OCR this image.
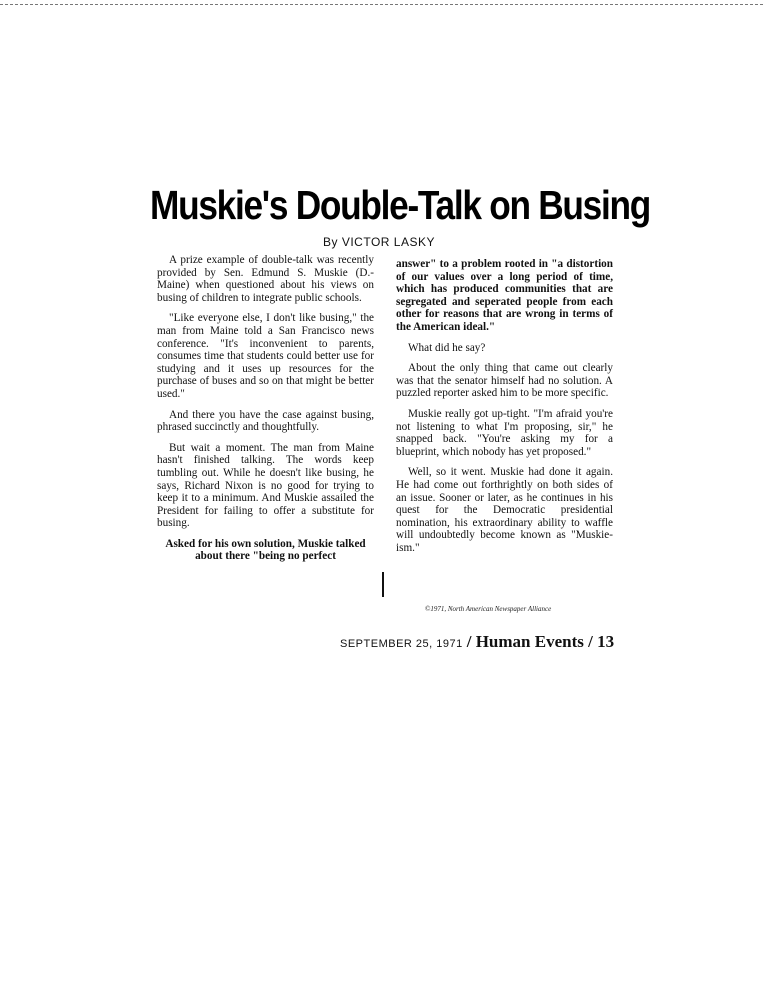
Muskie's Double-Talk on Busing
By VICTOR LASKY

A prize example of double-talk was recently provided by Sen. Edmund S. Muskie (D.-Maine) when questioned about his views on busing of children to integrate public schools.

"Like everyone else, I don't like busing," the man from Maine told a San Francisco news conference. "It's inconvenient to parents, consumes time that students could better use for studying and it uses up resources for the purchase of buses and so on that might be better used."

And there you have the case against busing, phrased succinctly and thoughtfully.

But wait a moment. The man from Maine hasn't finished talking. The words keep tumbling out. While he doesn't like busing, he says, Richard Nixon is no good for trying to keep it to a minimum. And Muskie assailed the President for failing to offer a substitute for busing.

Asked for his own solution, Muskie talked about there "being no perfect

answer" to a problem rooted in "a distortion of our values over a long period of time, which has produced communities that are segregated and seperated people from each other for reasons that are wrong in terms of the American ideal."

What did he say?

About the only thing that came out clearly was that the senator himself had no solution. A puzzled reporter asked him to be more specific.

Muskie really got up-tight. "I'm afraid you're not listening to what I'm proposing, sir," he snapped back. "You're asking my for a blueprint, which nobody has yet proposed."

Well, so it went. Muskie had done it again. He had come out forthrightly on both sides of an issue. Sooner or later, as he continues in his quest for the Democratic presidential nomination, his extraordinary ability to waffle will undoubtedly become known as "Muskie-ism."

©1971, North American Newspaper Alliance
SEPTEMBER 25, 1971 / Human Events / 13
